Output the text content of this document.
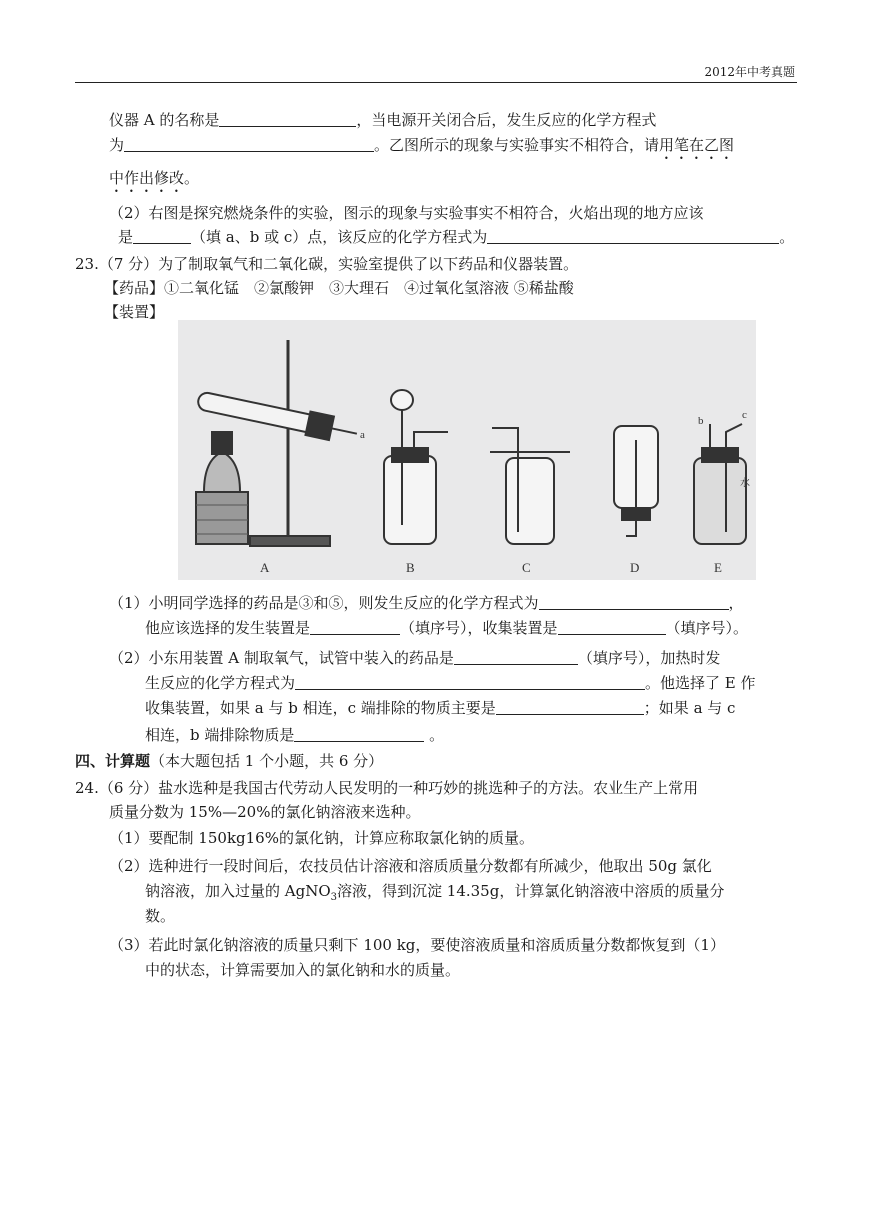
2012年中考真题
仪器 A 的名称是	，当电源开关闭合后，发生反应的化学方程式
为	。乙图所示的现象与实验事实不相符合，请用笔在乙图
中作出修改。
（2）右图是探究燃烧条件的实验，图示的现象与实验事实不相符合，火焰出现的地方应该
是	（填 a、b 或 c）点，该反应的化学方程式为	。
23.（7 分）为了制取氧气和二氧化碳，实验室提供了以下药品和仪器装置。
【药品】①二氧化锰　②氯酸钾　③大理石　④过氧化氢溶液 ⑤稀盐酸
【装置】
A	B	C	D	E
a
b	c
水
（1）小明同学选择的药品是③和⑤，则发生反应的化学方程式为	，
他应该选择的发生装置是	（填序号），收集装置是	（填序号）。
（2）小东用装置 A 制取氧气，试管中装入的药品是	（填序号），加热时发
生反应的化学方程式为	。他选择了 E 作
收集装置，如果 a 与 b 相连，c 端排除的物质主要是	；如果 a 与 c
相连，b 端排除物质是	。
四、计算题（本大题包括 1 个小题，共 6 分）
24.（6 分）盐水选种是我国古代劳动人民发明的一种巧妙的挑选种子的方法。农业生产上常用
质量分数为 15%—20%的氯化钠溶液来选种。
（1）要配制 150kg16%的氯化钠，计算应称取氯化钠的质量。
（2）选种进行一段时间后，农技员估计溶液和溶质质量分数都有所减少，他取出 50g 氯化
钠溶液，加入过量的 AgNO$_3$溶液，得到沉淀 14.35g，计算氯化钠溶液中溶质的质量分
数。
（3）若此时氯化钠溶液的质量只剩下 100 kg，要使溶液质量和溶质质量分数都恢复到（1）
中的状态，计算需要加入的氯化钠和水的质量。
